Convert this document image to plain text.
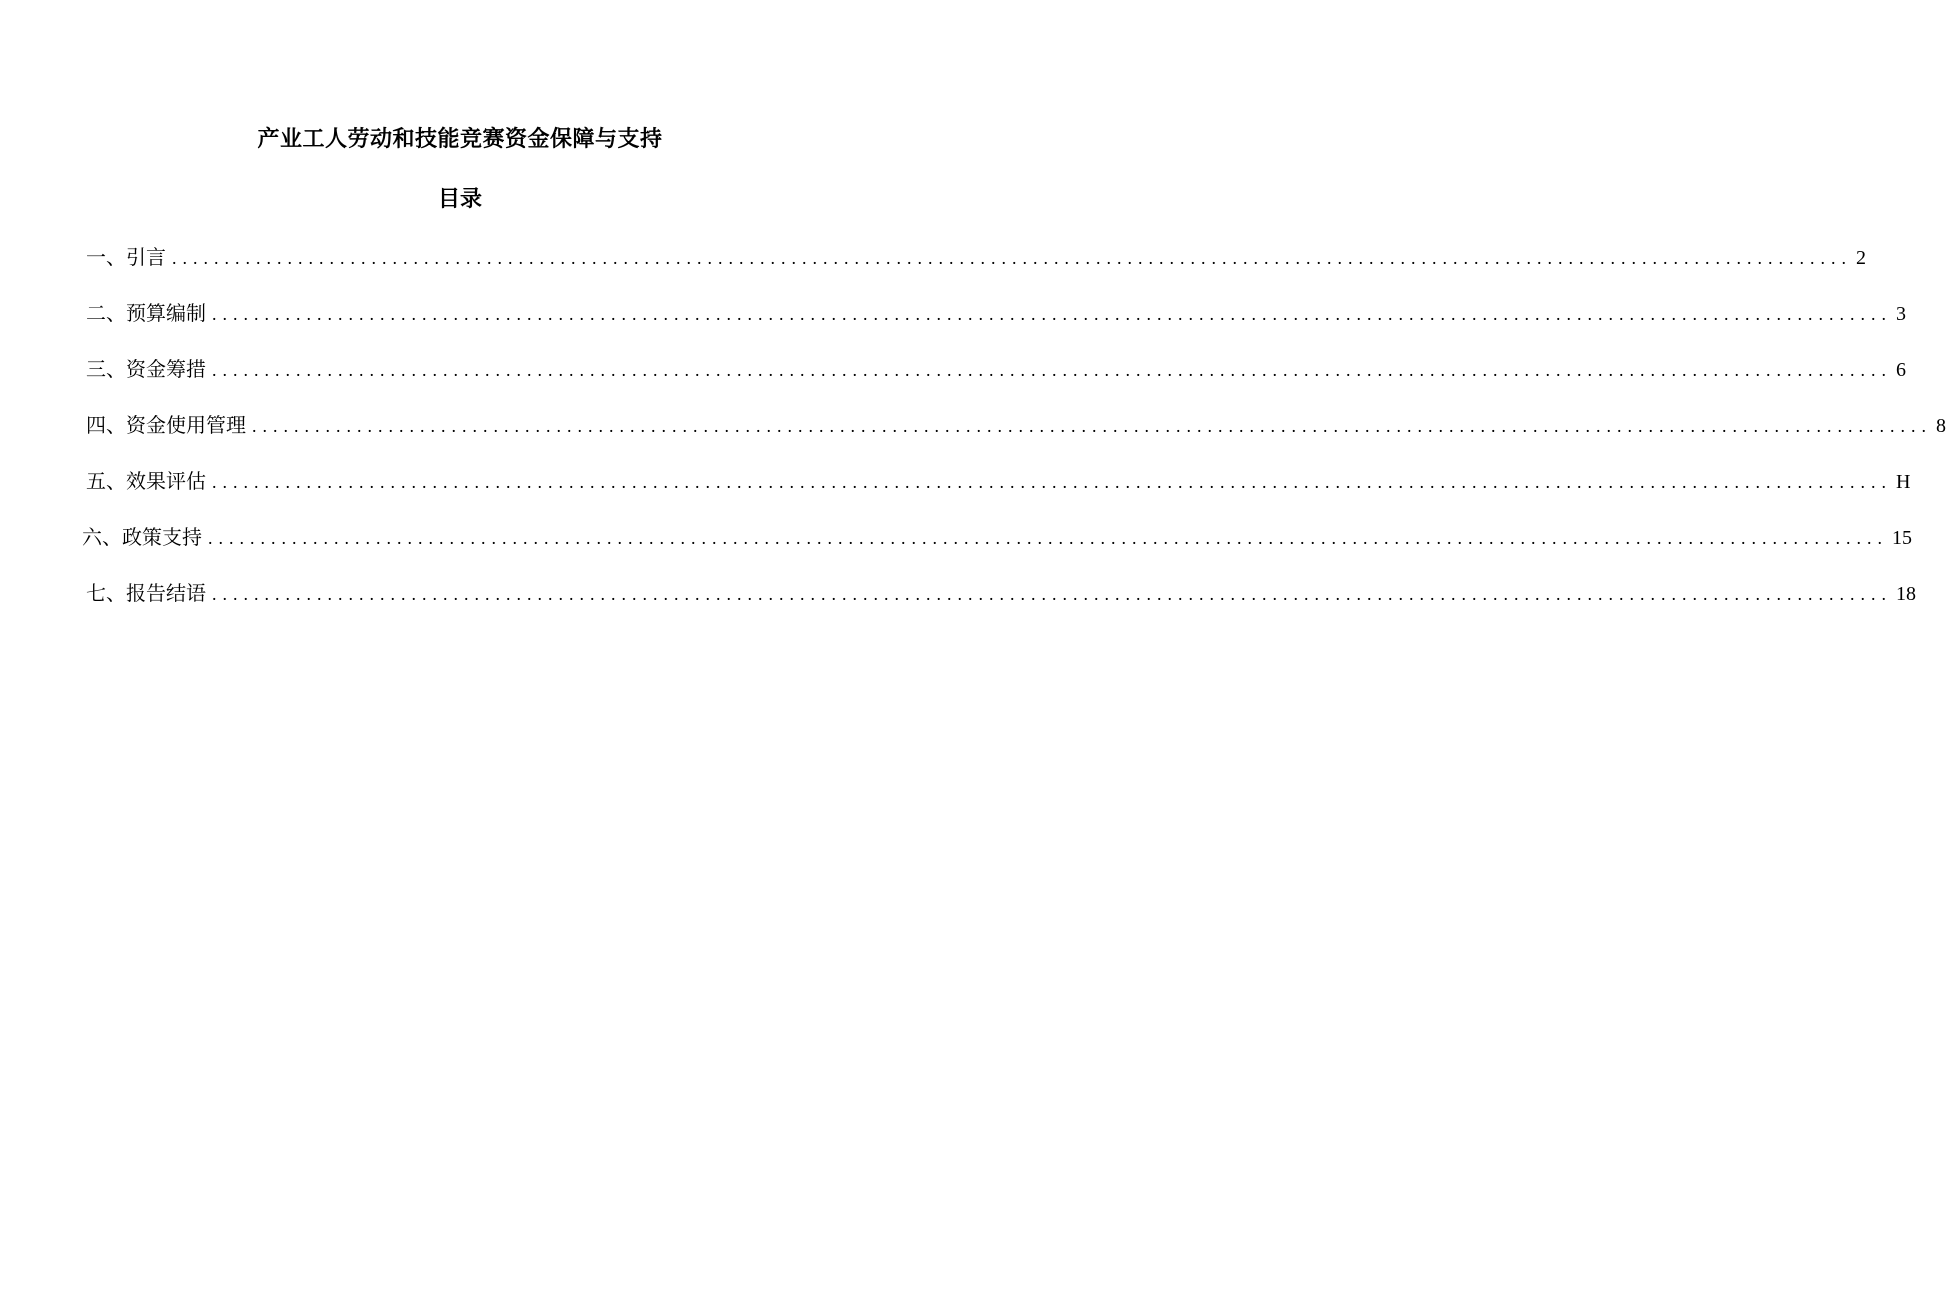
产业工人劳动和技能竞赛资金保障与支持
目录
一、引言 ................................................................................................................................................................ 2
二、预算编制 ................................................................................................................................................................ 3
三、资金筹措 ................................................................................................................................................................ 6
四、资金使用管理 ................................................................................................................................................................ 8
五、效果评估 ................................................................................................................................................................ H
六、政策支持 ................................................................................................................................................................ 15
七、报告结语 ................................................................................................................................................................ 18
